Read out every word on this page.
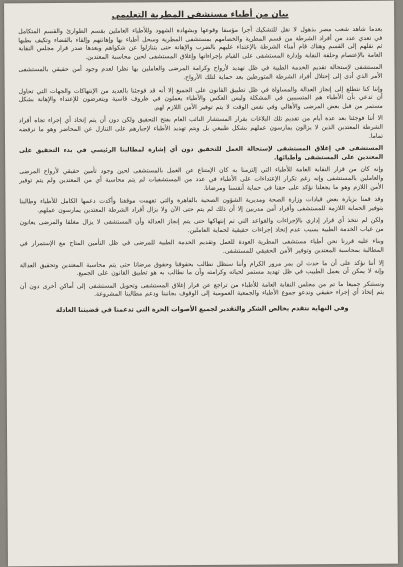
بيان من أطباء مستشفى المطرية التعليمي

بعدما شاهد شعب مصر بذهول لا نقل للتشكيك أجرا مؤسفا وقوعها وبشهادة الشهود وللأطباء العاملين بقسم الطوارئ والقسم المتكامل في تعدي عدد من أفراد الشرطة من قسم المطرية والخصامهم بمستشفى المطرية وسحل أطباء بها وإهانتهم وإلقاء بالقضاء وتكيف بطبها ثم نقلهم إلى القسم وهناك قام أمناء الشرطة بالإعتداء عليهم بالضرب والإهانة حتى يتنازلوا عن شكواهم وبعدها صدر قرار مجلس النقابة العامة بالإعتصام وحلقة النقابة وإدارة المستشفى على القيام بإجراءاتها وإغلاق المستشفى لحين محاسبة المعتدين.

المستشفى لإستحالة تقديم الخدمة الطبية في ظل تهديد لأرواح وكرامة المرضى والعاملين بها نظرا لعدم وجود أمن حقيقي بالمستشفى الأمر الذي أدى إلى إحتلال أفراد الشرطة المتورطين بعد حماية لتلك الأرواح.

وإننا كنا نتطلع إلى إنجاز العدالة والمساواة في ظل تطبيق القانون على الجميع إلا أنه قد فوجئنا بالعديد من الإنتهاكات والجهات التي تحاول أن تدعي بأن الأطباء هم المتسببين في المشكلة وليس العكس والأطباء يعملون في ظروف قاسية ويتعرضون للإعتداء والإهانة بشكل مستمر من قبل بعض المرضى والأهالي وفي نفس الوقت لا يتم توفير الأمن اللازم لهم.

الا أننا فوجئنا بعد عدة أيام من تقديم تلك البلاغات بقرار المستشار النائب العام بفتح التحقيق ولكن دون أن يتم إتخاذ أي إجراء تجاه أفراد الشرطة المعتدين الذين لا يزالون يمارسون عملهم بشكل طبيعي بل ويتم تهديد الأطباء لإجبارهم على التنازل عن المحاضر وهو ما نرفضه تماما.

المستشفى في إغلاق المستشفى لإستحالة العمل للتحقيق دون أي إشارة لمطالبنا الرئيسي في بدء التحقيق على المعتدين على المستشفى وأطبائها.

وإنه كان من قرار النقابة العامة للأطباء التي إلتزمنا به كان الإمتناع عن العمل بالمستشفى لحين وجود تأمين حقيقي لأرواح المرضى والعاملين بالمستشفى وإنه رغم تكرار الإعتداءات على الأطباء في عدد من المستشفيات لم يتم محاسبة أي من المعتدين ولم يتم توفير الأمن اللازم وهو ما يجعلنا نؤكد على حقنا في حماية أنفسنا ومرضانا.

وقد قمنا بزيارة بعض قيادات وزارة الصحة ومديرية الشؤون الصحية بالقاهرة والتي تفهمت موقفنا وأكدت دعمها الكامل للأطباء وطالبنا بتوفير الحماية اللازمة للمستشفى وأفراد أمن مدربين إلا أن ذلك لم يتم حتى الآن ولا يزال أفراد الشرطة المعتدين يمارسون عملهم.

ولكن لم نتخذ أي قرار إداري بالإجراءات والقواعد التي تم إنتهاكها حتى يتم إنجاز العدالة وأن المستشفى لا يزال مغلقا والمرضى يعانون من غياب الخدمة الطبية بسبب عدم إتخاذ إجراءات حقيقية لحماية العاملين.

وبناء عليه قررنا نحن أطباء مستشفى المطرية العودة للعمل وتقديم الخدمة الطبية للمرضى في ظل التأمين المتاح مع الإستمرار في المطالبة بمحاسبة المعتدين وتوفير الأمن الحقيقي للمستشفى.

إلا أننا نؤكد على أن ما حدث لن يمر مرور الكرام وأننا سنظل نطالب بحقوقنا وحقوق مرضانا حتى يتم محاسبة المعتدين وتحقيق العدالة وإنه لا يمكن أن يعمل الطبيب في ظل تهديد مستمر لحياته وكرامته وأن ما نطالب به هو تطبيق القانون على الجميع.

ونستنكر جميعا ما تم من مجلس النقابة العامة للأطباء من تراجع عن قرار إغلاق المستشفى وتحويل المستشفى إلى أماكن أخرى دون أن يتم إتخاذ أي إجراء حقيقي وندعو جموع الأطباء والجمعية العمومية إلى الوقوف بجانبنا ودعم مطالبنا المشروعة.

وفي النهاية نتقدم بخالص الشكر والتقدير لجميع الأصوات الحرة التي تدعمنا في قضيتنا العادلة
